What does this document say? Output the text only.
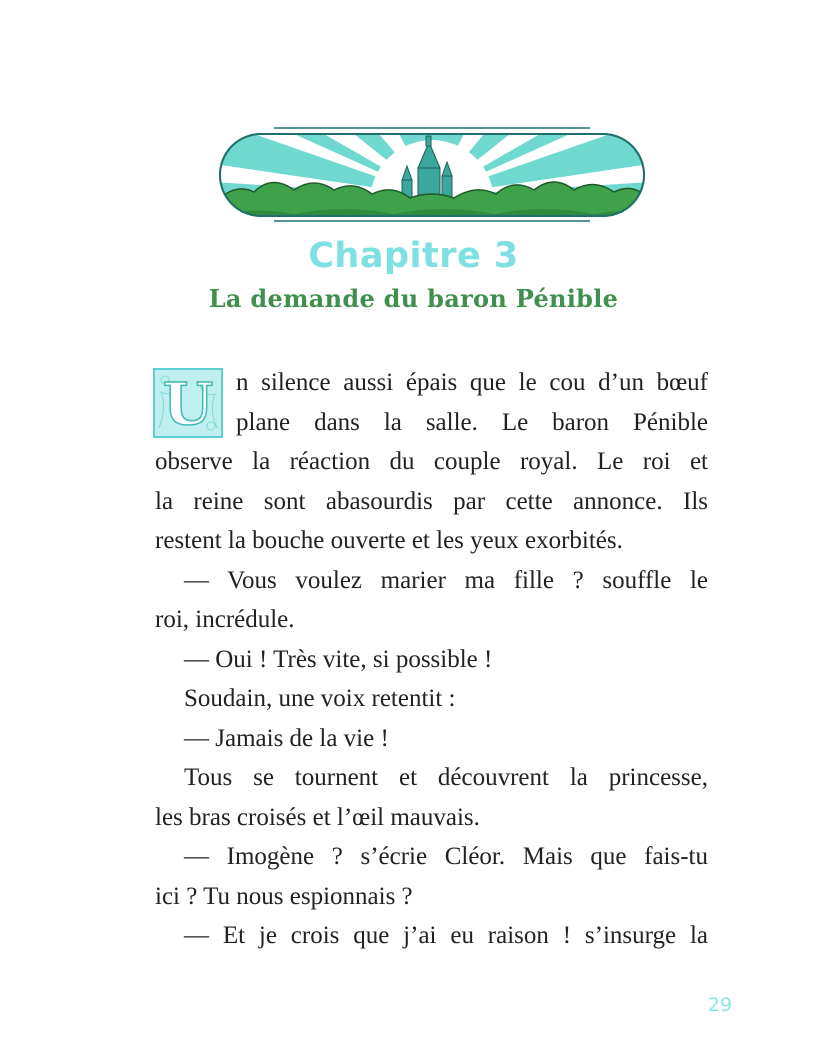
Chapitre 3
La demande du baron Pénible
U n silence aussi épais que le cou d’un bœuf
plane dans la salle. Le baron Pénible
observe la réaction du couple royal. Le roi et
la reine sont abasourdis par cette annonce. Ils
restent la bouche ouverte et les yeux exorbités.
— Vous voulez marier ma fille ? souffle le
roi, incrédule.
— Oui ! Très vite, si possible !
Soudain, une voix retentit :
— Jamais de la vie !
Tous se tournent et découvrent la princesse,
les bras croisés et l’œil mauvais.
— Imogène ? s’écrie Cléor. Mais que fais-tu
ici ? Tu nous espionnais ?
— Et je crois que j’ai eu raison ! s’insurge la
29
